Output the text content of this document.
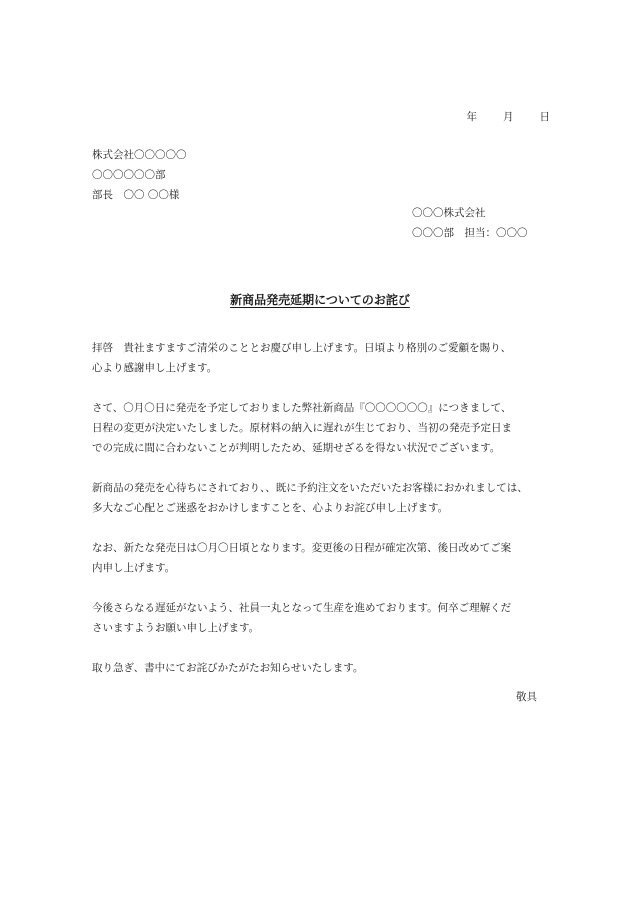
年 月 日
株式会社〇〇〇〇〇
〇〇〇〇〇〇部
部長　〇〇 〇〇様
〇〇〇株式会社
〇〇〇部　担当：〇〇〇
新商品発売延期についてのお詫び
拝啓　貴社ますますご清栄のこととお慶び申し上げます。日頃より格別のご愛顧を賜り、
心より感謝申し上げます。
さて、〇月〇日に発売を予定しておりました弊社新商品『〇〇〇〇〇〇』につきまして、
日程の変更が決定いたしました。原材料の納入に遅れが生じており、当初の発売予定日ま
での完成に間に合わないことが判明したため、延期せざるを得ない状況でございます。
新商品の発売を心待ちにされており、、既に予約注文をいただいたお客様におかれましては、
多大なご心配とご迷惑をおかけしますことを、心よりお詫び申し上げます。
なお、新たな発売日は〇月〇日頃となります。変更後の日程が確定次第、後日改めてご案
内申し上げます。
今後さらなる遅延がないよう、社員一丸となって生産を進めております。何卒ご理解くだ
さいますようお願い申し上げます。
取り急ぎ、書中にてお詫びかたがたお知らせいたします。
敬具
